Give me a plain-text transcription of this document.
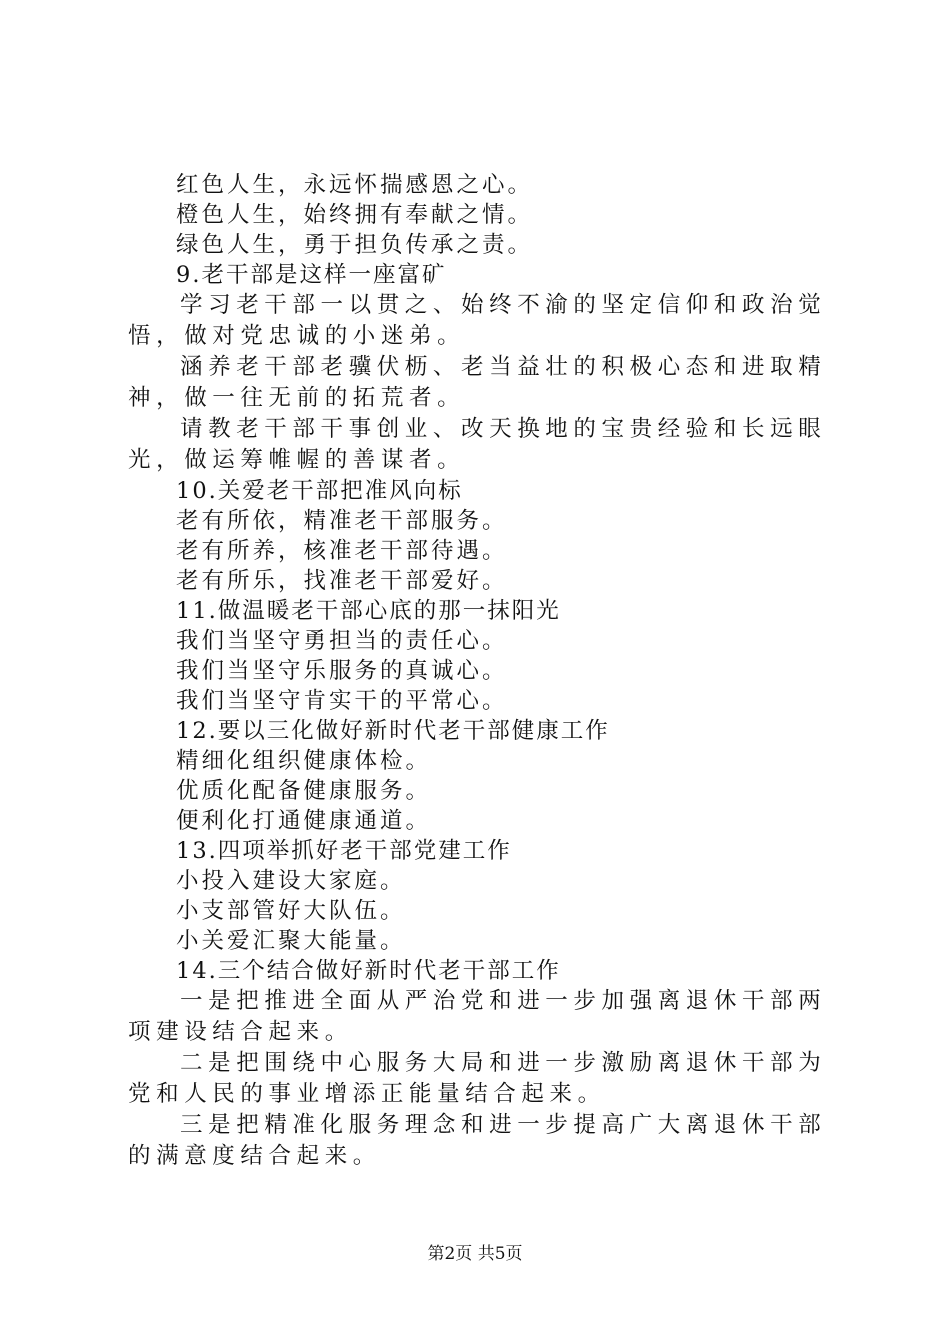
红色人生，永远怀揣感恩之心。
橙色人生，始终拥有奉献之情。
绿色人生，勇于担负传承之责。
9.老干部是这样一座富矿
学习老干部一以贯之、始终不渝的坚定信仰和政治觉悟，做对党忠诚的小迷弟。
涵养老干部老骥伏枥、老当益壮的积极心态和进取精神，做一往无前的拓荒者。
请教老干部干事创业、改天换地的宝贵经验和长远眼光，做运筹帷幄的善谋者。
10.关爱老干部把准风向标
老有所依，精准老干部服务。
老有所养，核准老干部待遇。
老有所乐，找准老干部爱好。
11.做温暖老干部心底的那一抹阳光
我们当坚守勇担当的责任心。
我们当坚守乐服务的真诚心。
我们当坚守肯实干的平常心。
12.要以三化做好新时代老干部健康工作
精细化组织健康体检。
优质化配备健康服务。
便利化打通健康通道。
13.四项举抓好老干部党建工作
小投入建设大家庭。
小支部管好大队伍。
小关爱汇聚大能量。
14.三个结合做好新时代老干部工作
一是把推进全面从严治党和进一步加强离退休干部两项建设结合起来。
二是把围绕中心服务大局和进一步激励离退休干部为党和人民的事业增添正能量结合起来。
三是把精准化服务理念和进一步提高广大离退休干部的满意度结合起来。
第2页 共5页
